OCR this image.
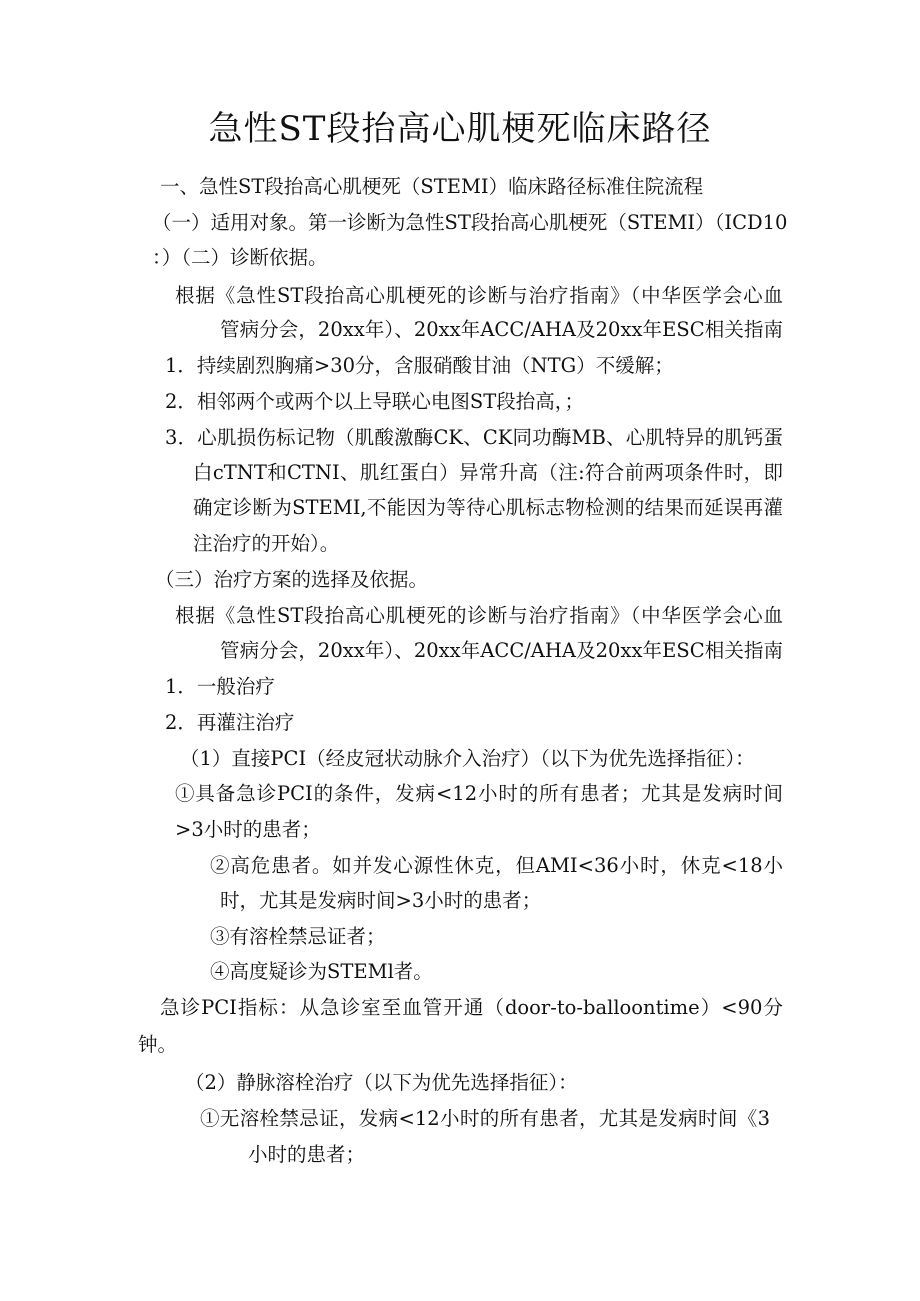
急性ST段抬高心肌梗死临床路径
一、急性ST段抬高心肌梗死（STEMI）临床路径标准住院流程
（一）适用对象。第一诊断为急性ST段抬高心肌梗死（STEMI）（ICD10
：）（二）诊断依据。
根据《急性ST段抬高心肌梗死的诊断与治疗指南》（中华医学会心血
管病分会，20xx年）、20xx年ACC/AHA及20xx年ESC相关指南
1．持续剧烈胸痛>30分，含服硝酸甘油（NTG）不缓解；
2．相邻两个或两个以上导联心电图ST段抬高，；
3．心肌损伤标记物（肌酸激酶CK、CK同功酶MB、心肌特异的肌钙蛋
白cTNT和CTNI、肌红蛋白）异常升高（注:符合前两项条件时，即
确定诊断为STEMI,不能因为等待心肌标志物检测的结果而延误再灌
注治疗的开始）。
（三）治疗方案的选择及依据。
根据《急性ST段抬高心肌梗死的诊断与治疗指南》（中华医学会心血
管病分会，20xx年）、20xx年ACC/AHA及20xx年ESC相关指南
1．一般治疗
2．再灌注治疗
（1）直接PCI（经皮冠状动脉介入治疗）（以下为优先选择指征）：
①具备急诊PCI的条件，发病<12小时的所有患者；尤其是发病时间
>3小时的患者；
②高危患者。如并发心源性休克，但AMI<36小时，休克<18小
时，尤其是发病时间>3小时的患者；
③有溶栓禁忌证者；
④高度疑诊为STEMl者。
急诊PCI指标：从急诊室至血管开通（door-to-balloontime）<90分
钟。
（2）静脉溶栓治疗（以下为优先选择指征）：
①无溶栓禁忌证，发病<12小时的所有患者，尤其是发病时间《3
小时的患者；
